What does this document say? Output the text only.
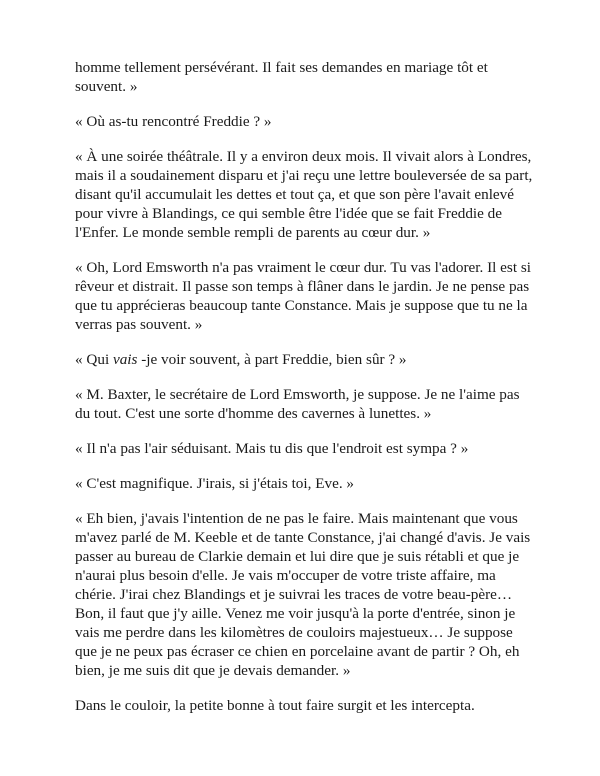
homme tellement persévérant. Il fait ses demandes en mariage tôt et souvent. »

« Où as-tu rencontré Freddie ? »

« À une soirée théâtrale. Il y a environ deux mois. Il vivait alors à Londres, mais il a soudainement disparu et j'ai reçu une lettre bouleversée de sa part, disant qu'il accumulait les dettes et tout ça, et que son père l'avait enlevé pour vivre à Blandings, ce qui semble être l'idée que se fait Freddie de l'Enfer. Le monde semble rempli de parents au cœur dur. »

« Oh, Lord Emsworth n'a pas vraiment le cœur dur. Tu vas l'adorer. Il est si rêveur et distrait. Il passe son temps à flâner dans le jardin. Je ne pense pas que tu apprécieras beaucoup tante Constance. Mais je suppose que tu ne la verras pas souvent. »

« Qui vais -je voir souvent, à part Freddie, bien sûr ? »

« M. Baxter, le secrétaire de Lord Emsworth, je suppose. Je ne l'aime pas du tout. C'est une sorte d'homme des cavernes à lunettes. »

« Il n'a pas l'air séduisant. Mais tu dis que l'endroit est sympa ? »

« C'est magnifique. J'irais, si j'étais toi, Eve. »

« Eh bien, j'avais l'intention de ne pas le faire. Mais maintenant que vous m'avez parlé de M. Keeble et de tante Constance, j'ai changé d'avis. Je vais passer au bureau de Clarkie demain et lui dire que je suis rétabli et que je n'aurai plus besoin d'elle. Je vais m'occuper de votre triste affaire, ma chérie. J'irai chez Blandings et je suivrai les traces de votre beau-père… Bon, il faut que j'y aille. Venez me voir jusqu'à la porte d'entrée, sinon je vais me perdre dans les kilomètres de couloirs majestueux… Je suppose que je ne peux pas écraser ce chien en porcelaine avant de partir ? Oh, eh bien, je me suis dit que je devais demander. »

Dans le couloir, la petite bonne à tout faire surgit et les intercepta.
